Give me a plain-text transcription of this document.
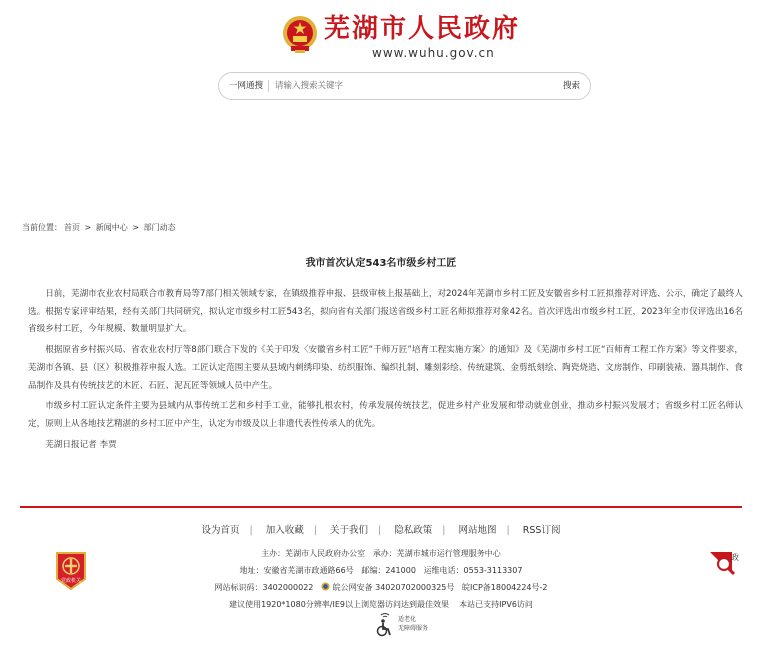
芜湖市人民政府
www.wuhu.gov.cn
一网通搜
请输入搜索关键字	搜索
当前位置： 首页 > 新闻中心 > 部门动态
我市首次认定543名市级乡村工匠

日前，芜湖市农业农村局联合市教育局等7部门相关领域专家，在镇级推荐申报、县级审核上报基础上，对2024年芜湖市乡村工匠及安徽省乡村工匠拟推荐对评选、公示，确定了最终人选。根据专家评审结果，经有关部门共同研究，拟认定市级乡村工匠543名，拟向省有关部门报送省级乡村工匠名师拟推荐对象42名。首次评选出市级乡村工匠，2023年全市仅评选出16名省级乡村工匠，今年规模、数量明显扩大。

根据原省乡村振兴局、省农业农村厅等8部门联合下发的《关于印发〈安徽省乡村工匠“千师万匠”培育工程实施方案〉的通知》及《芜湖市乡村工匠“百师育工程工作方案》等文件要求，芜湖市各镇、县（区）积极推荐申报人选。工匠认定范围主要从县域内刺绣印染、纺织服饰、编织扎制、雕刻彩绘、传统建筑、金剪纸刻绘、陶瓷烧造、文房制作、印刷装裱、器具制作、食品制作及具有传统技艺的木匠、石匠、泥瓦匠等领域人员中产生。

市级乡村工匠认定条件主要为县域内从事传统工艺和乡村手工业，能够扎根农村，传承发展传统技艺，促进乡村产业发展和带动就业创业，推动乡村振兴发展才；省级乡村工匠名师认定，原则上从各地技艺精湛的乡村工匠中产生，认定为市级及以上非遗代表性传承人的优先。

芜湖日报记者 李贾

设为首页 | 加入收藏 | 关于我们 | 隐私政策 | 网站地图 | RSS订阅
主办：芜湖市人民政府办公室 承办：芜湖市城市运行管理服务中心
地址：安徽省芜湖市政通路66号 邮编：241000 运维电话：0553-3113307
网站标识码：3402000022 皖公网安备 34020702000325号 皖ICP备18004224号-2
建议使用1920*1080分辨率/IE9以上浏览器访问达到最佳效果 本站已支持IPV6访问
党政机关
政
适老化
无障碍服务
